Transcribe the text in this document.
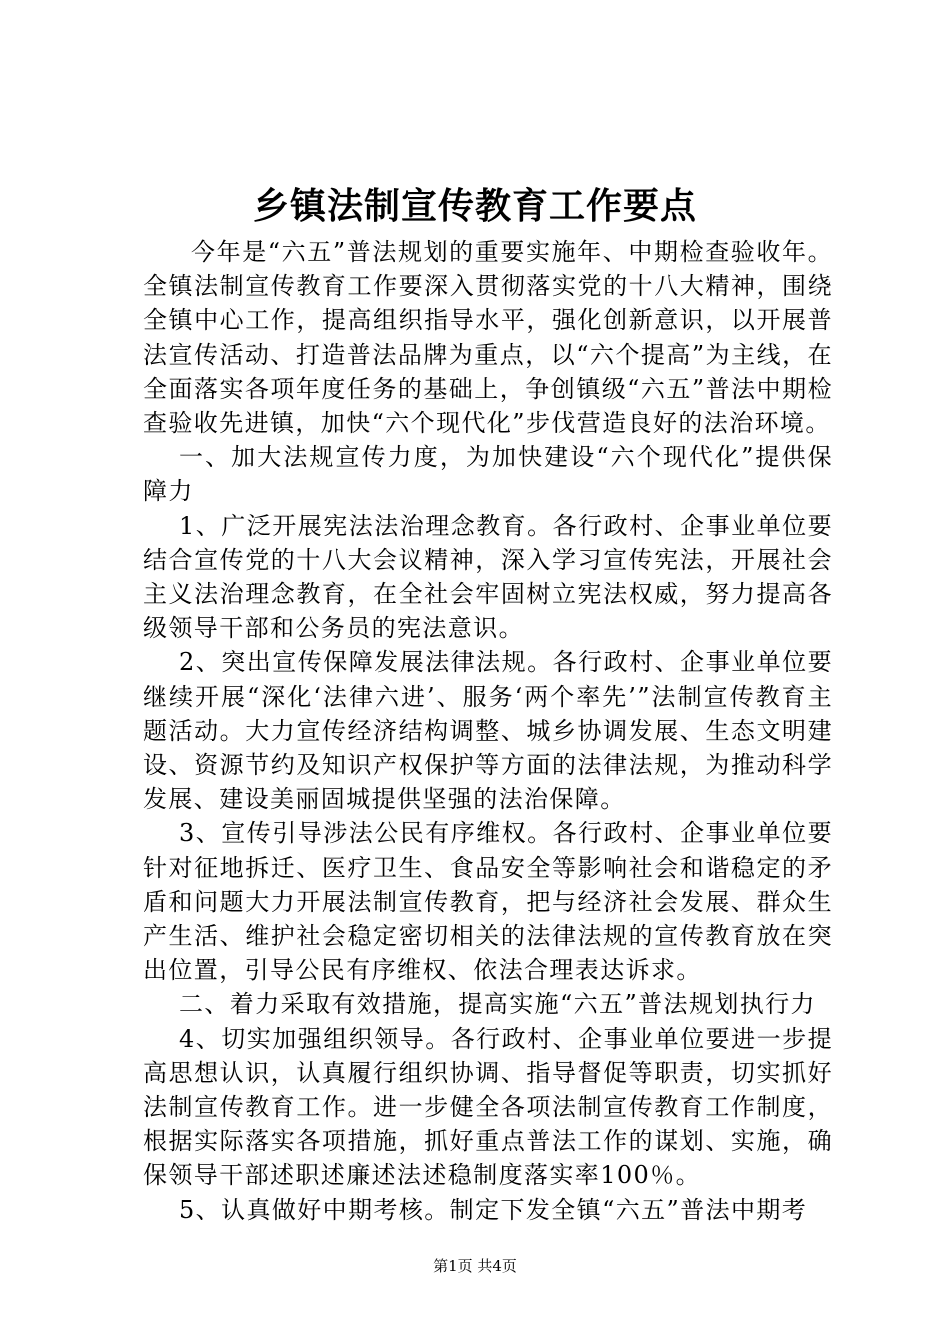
乡镇法制宣传教育工作要点

今年是“六五”普法规划的重要实施年、中期检查验收年。全镇法制宣传教育工作要深入贯彻落实党的十八大精神，围绕全镇中心工作，提高组织指导水平，强化创新意识，以开展普法宣传活动、打造普法品牌为重点，以“六个提高”为主线，在全面落实各项年度任务的基础上，争创镇级“六五”普法中期检查验收先进镇，加快“六个现代化”步伐营造良好的法治环境。

一、加大法规宣传力度，为加快建设“六个现代化”提供保障力

1、广泛开展宪法法治理念教育。各行政村、企事业单位要结合宣传党的十八大会议精神，深入学习宣传宪法，开展社会主义法治理念教育，在全社会牢固树立宪法权威，努力提高各级领导干部和公务员的宪法意识。

2、突出宣传保障发展法律法规。各行政村、企事业单位要继续开展“深化‘法律六进’、服务‘两个率先’”法制宣传教育主题活动。大力宣传经济结构调整、城乡协调发展、生态文明建设、资源节约及知识产权保护等方面的法律法规，为推动科学发展、建设美丽固城提供坚强的法治保障。

3、宣传引导涉法公民有序维权。各行政村、企事业单位要针对征地拆迁、医疗卫生、食品安全等影响社会和谐稳定的矛盾和问题大力开展法制宣传教育，把与经济社会发展、群众生产生活、维护社会稳定密切相关的法律法规的宣传教育放在突出位置，引导公民有序维权、依法合理表达诉求。

二、着力采取有效措施，提高实施“六五”普法规划执行力

4、切实加强组织领导。各行政村、企事业单位要进一步提高思想认识，认真履行组织协调、指导督促等职责，切实抓好法制宣传教育工作。进一步健全各项法制宣传教育工作制度，根据实际落实各项措施，抓好重点普法工作的谋划、实施，确保领导干部述职述廉述法述稳制度落实率100％。

5、认真做好中期考核。制定下发全镇“六五”普法中期考

第1页 共4页
